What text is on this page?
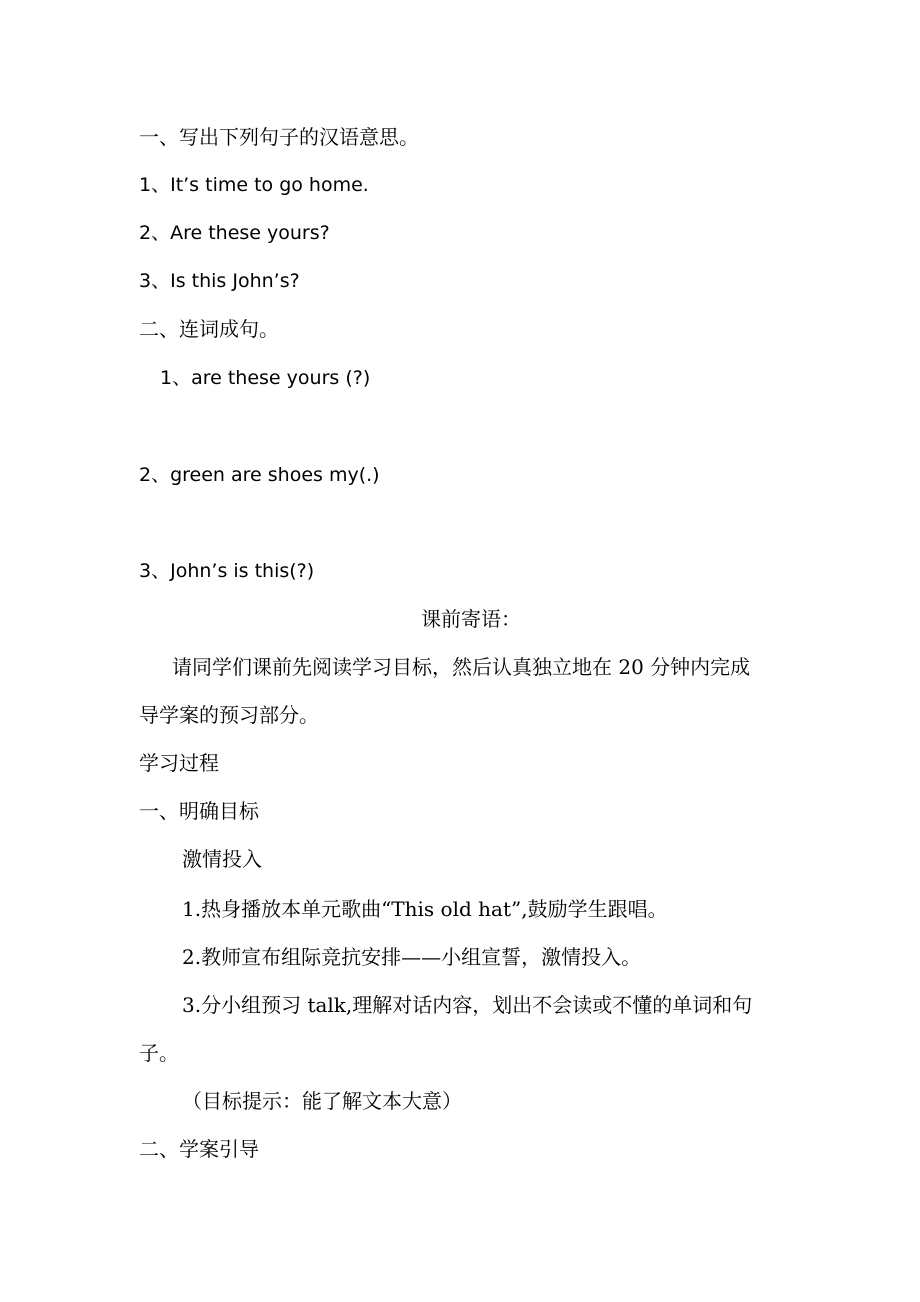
一、写出下列句子的汉语意思。
1、It’s time to go home.
2、Are these yours?
3、Is this John’s?
二、连词成句。
1、are these yours (?)
2、green are shoes my(.)
3、John’s is this(?)
课前寄语：
请同学们课前先阅读学习目标，然后认真独立地在 20 分钟内完成
导学案的预习部分。
学习过程
一、明确目标
激情投入
1.热身播放本单元歌曲“This old hat”,鼓励学生跟唱。
2.教师宣布组际竞抗安排——小组宣誓，激情投入。
3.分小组预习 talk,理解对话内容，划出不会读或不懂的单词和句
子。
（目标提示：能了解文本大意）
二、学案引导
